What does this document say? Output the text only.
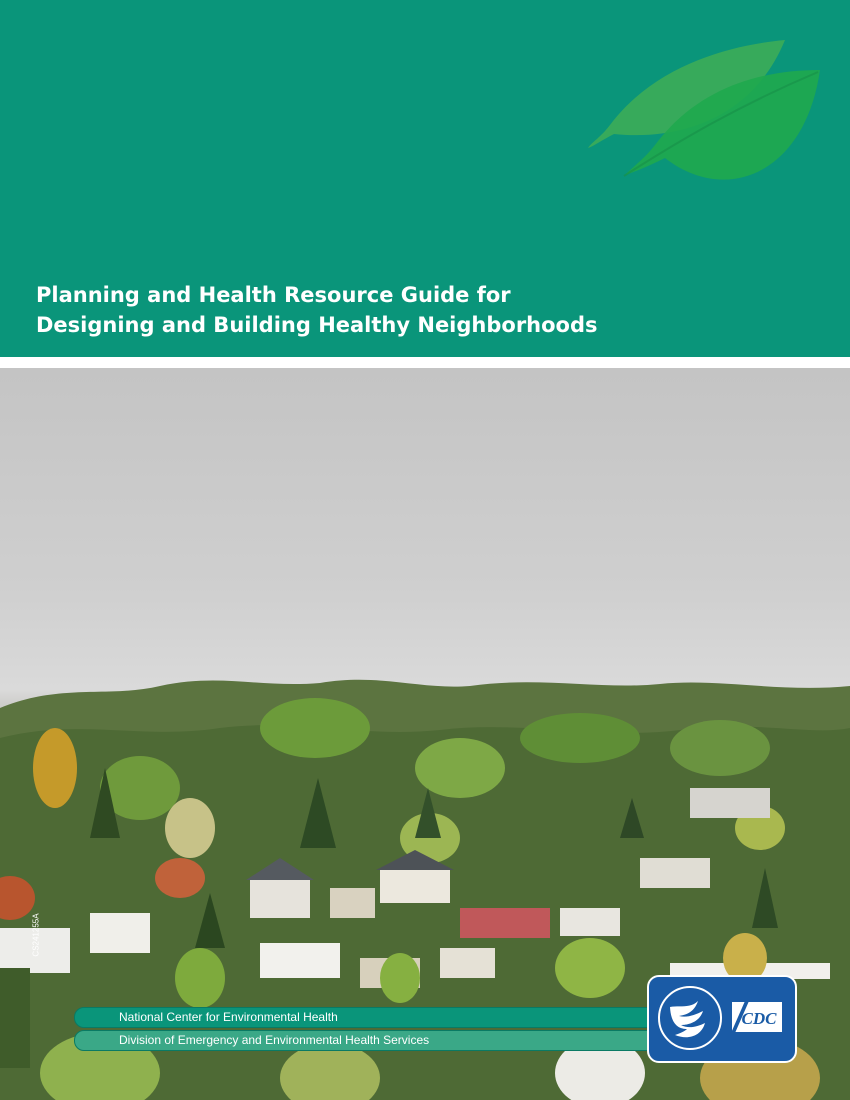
Planning and Health Resource Guide for
Designing and Building Healthy Neighborhoods
CS241255A
National Center for Environmental Health
Division of Emergency and Environmental Health Services
CDC
